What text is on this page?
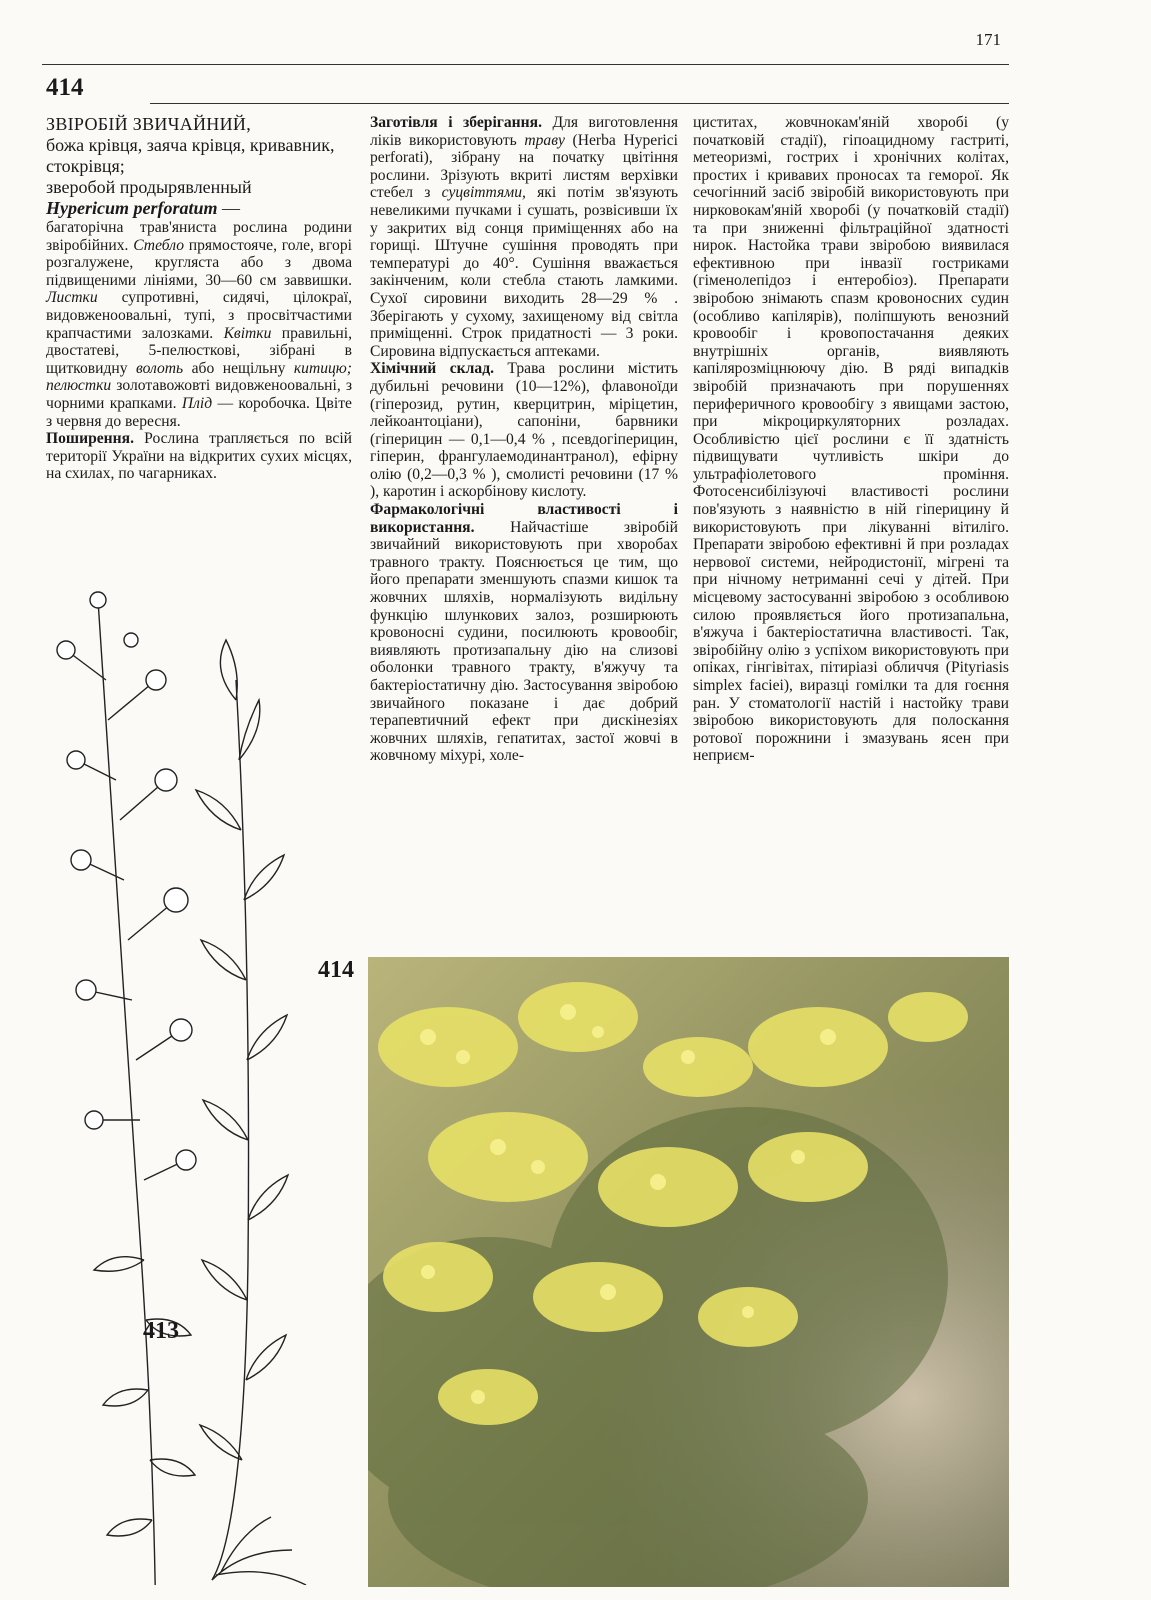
171
414
ЗВІРОБІЙ ЗВИЧАЙНИЙ,
божа крівця, заяча крівця, кривавник, стокрівця;
зверобой продырявленный
Hypericum perforatum —

багаторічна трав'яниста рослина родини звіробійних. Стебло прямостояче, голе, вгорі розгалужене, кругляста або з двома підвищеними лініями, 30—60 см заввишки. Листки супротивні, сидячі, цілокраї, видовженоовальні, тупі, з просвітчастими крапчастими залозками. Квітки правильні, двостатеві, 5-пелюсткові, зібрані в щитковидну волоть або нещільну китицю; пелюстки золотавожовті видовженоовальні, з чорними крапками. Плід — коробочка. Цвіте з червня до вересня.

Поширення. Рослина трапляється по всій території України на відкритих сухих місцях, на схилах, по чагарниках.

Заготівля і зберігання. Для виготовлення ліків використовують траву (Herba Hyperici perforati), зібрану на початку цвітіння рослини. Зрізують вкриті листям верхівки стебел з суцвіттями, які потім зв'язують невеликими пучками і сушать, розвісивши їх у закритих від сонця приміщеннях або на горищі. Штучне сушіння проводять при температурі до 40°. Сушіння вважається закінченим, коли стебла стають ламкими. Сухої сировини виходить 28—29 % . Зберігають у сухому, захищеному від світла приміщенні. Строк придатності — 3 роки. Сировина відпускається аптеками.

Хімічний склад. Трава рослини містить дубильні речовини (10—12%), флавоноїди (гіперозид, рутин, кверцитрин, міріцетин, лейкоантоціани), сапоніни, барвники (гіперицин — 0,1—0,4 % , псевдогіперицин, гіперин, франгулаемодинантранол), ефірну олію (0,2—0,3 % ), смолисті речовини (17 % ), каротин і аскорбінову кислоту.

Фармакологічні властивості і використання. Найчастіше звіробій звичайний використовують при хворобах травного тракту. Пояснюється це тим, що його препарати зменшують спазми кишок та жовчних шляхів, нормалізують видільну функцію шлункових залоз, розширюють кровоносні судини, посилюють кровообіг, виявляють протизапальну дію на слизові оболонки травного тракту, в'яжучу та бактеріостатичну дію. Застосування звіробою звичайного показане і дає добрий терапевтичний ефект при дискінезіях жовчних шляхів, гепатитах, застої жовчі в жовчному міхурі, холе-

циститах, жовчнокам'яній хворобі (у початковій стадії), гіпоацидному гастриті, метеоризмі, гострих і хронічних колітах, простих і кривавих проносах та геморої. Як сечогінний засіб звіробій використовують при нирковокам'яній хворобі (у початковій стадії) та при зниженні фільтраційної здатності нирок. Настойка трави звіробою виявилася ефективною при інвазії гостриками (гіменолепідоз і ентеробіоз). Препарати звіробою знімають спазм кровоносних судин (особливо капілярів), поліпшують венозний кровообіг і кровопостачання деяких внутрішніх органів, виявляють капілярозміцнюючу дію. В ряді випадків звіробій призначають при порушеннях периферичного кровообігу з явищами застою, при мікроциркуляторних розладах. Особливістю цієї рослини є її здатність підвищувати чутливість шкіри до ультрафіолетового проміння. Фотосенсибілізуючі властивості рослини пов'язують з наявністю в ній гіперицину й використовують при лікуванні вітиліго. Препарати звіробою ефективні й при розладах нервової системи, нейродистонії, мігрені та при нічному нетриманні сечі у дітей. При місцевому застосуванні звіробою з особливою силою проявляється його протизапальна, в'яжуча і бактеріостатична властивості. Так, звіробійну олію з успіхом використовують при опіках, гінгівітах, пітиріазі обличчя (Pityriasis simplex faciei), виразці гомілки та для гоєння ран. У стоматології настій і настойку трави звіробою використовують для полоскання ротової порожнини і змазувань ясен при неприєм-

413
414
